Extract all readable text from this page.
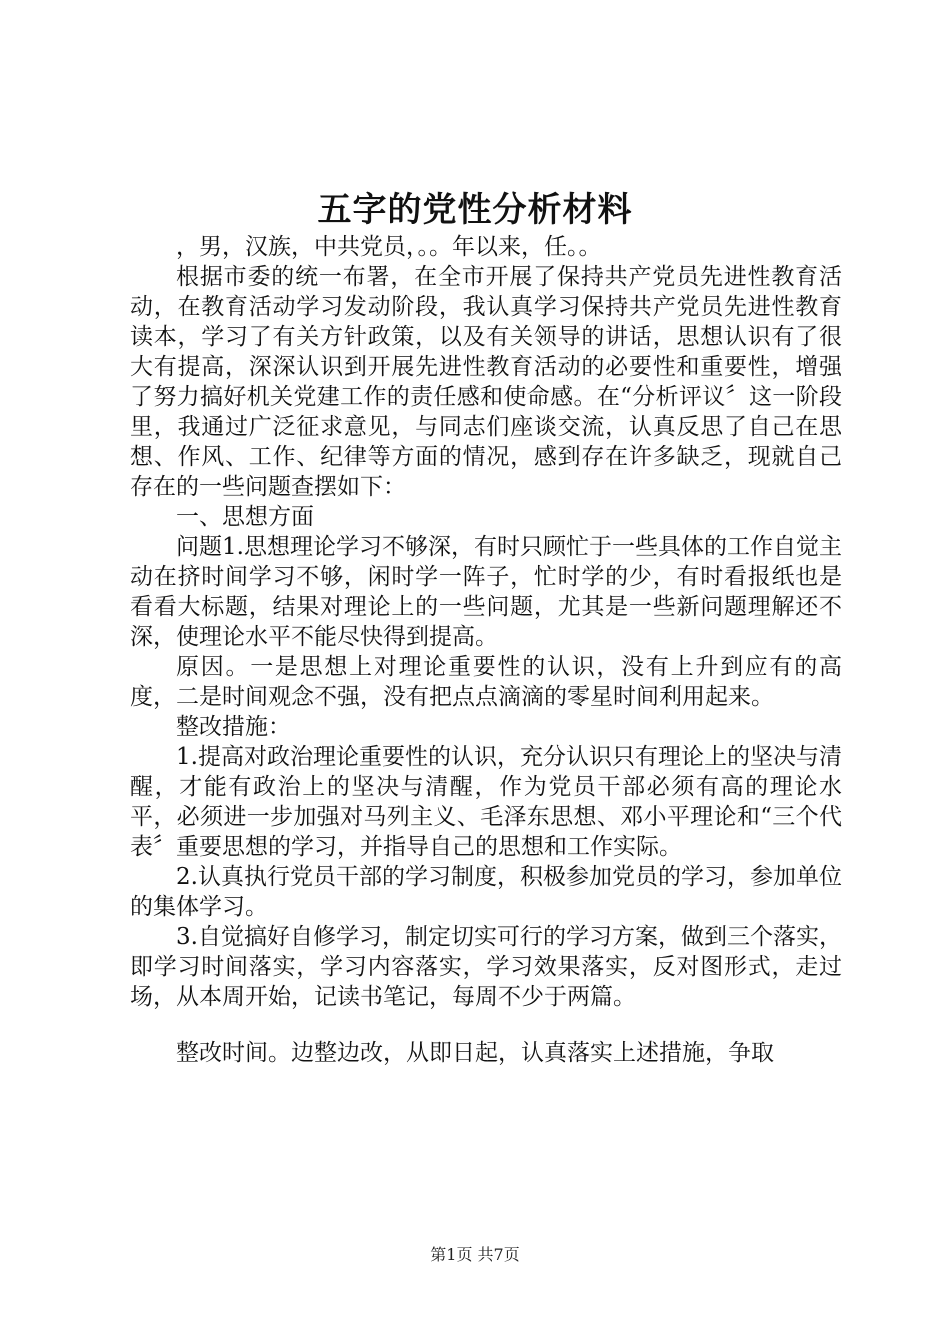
五字的党性分析材料

，男，汉族，中共党员，。。年以来，任。。

根据市委的统一布署，在全市开展了保持共产党员先进性教育活动，在教育活动学习发动阶段，我认真学习保持共产党员先进性教育读本，学习了有关方针政策，以及有关领导的讲话，思想认识有了很大有提高，深深认识到开展先进性教育活动的必要性和重要性，增强了努力搞好机关党建工作的责任感和使命感。在“分析评议〞这一阶段里，我通过广泛征求意见，与同志们座谈交流，认真反思了自己在思想、作风、工作、纪律等方面的情况，感到存在许多缺乏，现就自己存在的一些问题查摆如下：

一、思想方面

问题1.思想理论学习不够深，有时只顾忙于一些具体的工作自觉主动在挤时间学习不够，闲时学一阵子，忙时学的少，有时看报纸也是看看大标题，结果对理论上的一些问题，尤其是一些新问题理解还不深，使理论水平不能尽快得到提高。

原因。一是思想上对理论重要性的认识，没有上升到应有的高度，二是时间观念不强，没有把点点滴滴的零星时间利用起来。

整改措施：

1.提高对政治理论重要性的认识，充分认识只有理论上的坚决与清醒，才能有政治上的坚决与清醒，作为党员干部必须有高的理论水平，必须进一步加强对马列主义、毛泽东思想、邓小平理论和“三个代表〞重要思想的学习，并指导自己的思想和工作实际。

2.认真执行党员干部的学习制度，积极参加党员的学习，参加单位的集体学习。

3.自觉搞好自修学习，制定切实可行的学习方案，做到三个落实，即学习时间落实，学习内容落实，学习效果落实，反对图形式，走过场，从本周开始，记读书笔记，每周不少于两篇。

整改时间。边整边改，从即日起，认真落实上述措施，争取

第1页 共7页
